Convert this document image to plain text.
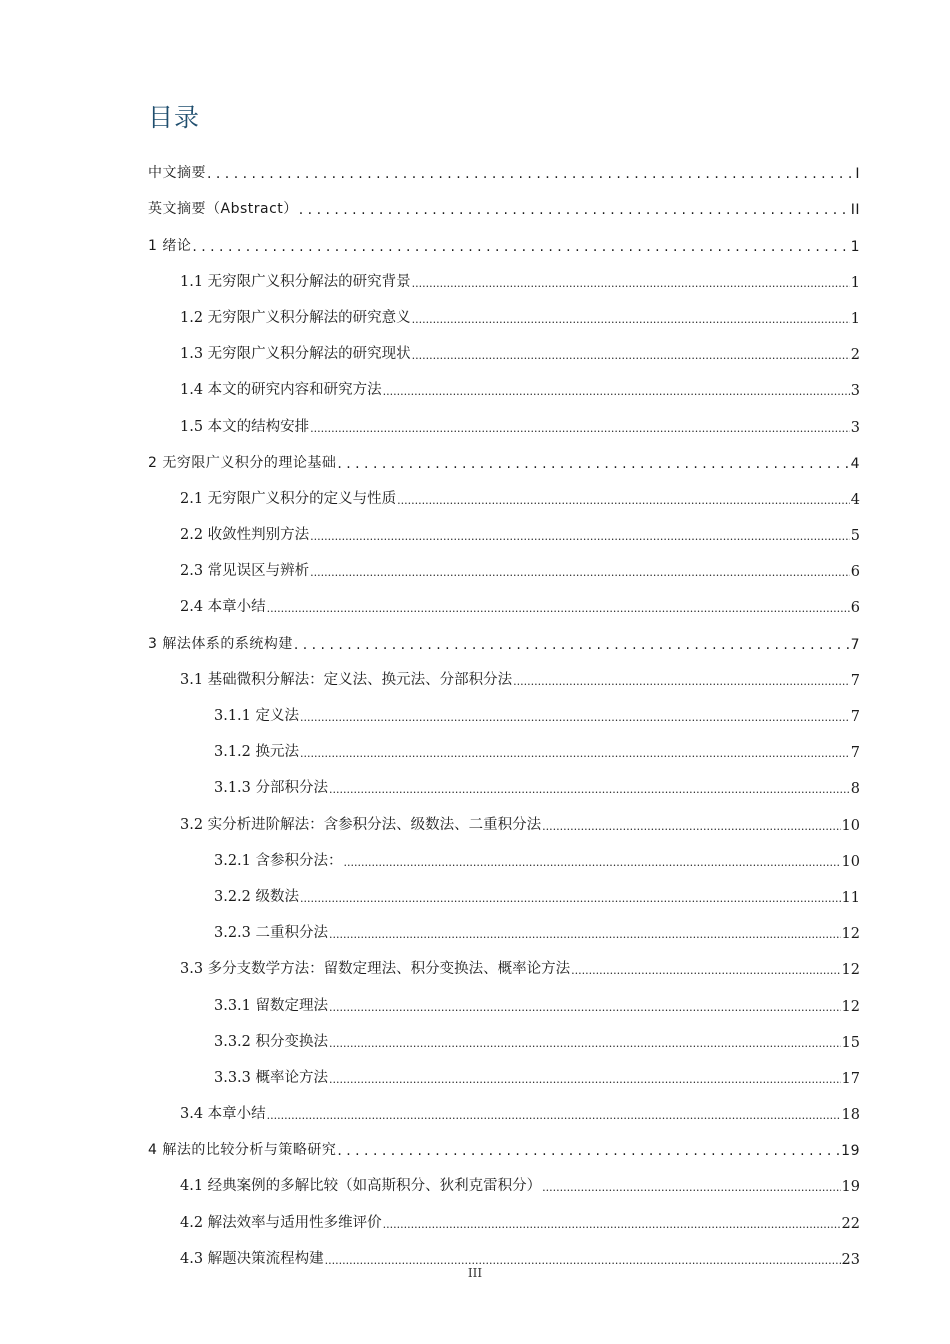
目录
中文摘要 . . .	I
英文摘要（Abstract） . . .	II
1 绪论 . . .	1
1.1 无穷限广义积分解法的研究背景 .....	1
1.2 无穷限广义积分解法的研究意义 .....	1
1.3 无穷限广义积分解法的研究现状 .....	2
1.4 本文的研究内容和研究方法 .....	3
1.5 本文的结构安排 .....	3
2 无穷限广义积分的理论基础 . . .	4
2.1 无穷限广义积分的定义与性质 .....	4
2.2 收敛性判别方法 .....	5
2.3 常见误区与辨析 .....	6
2.4 本章小结 .....	6
3 解法体系的系统构建 . . .	7
3.1 基础微积分解法：定义法、换元法、分部积分法 .....	7
3.1.1 定义法 .....	7
3.1.2 换元法 .....	7
3.1.3 分部积分法 .....	8
3.2 实分析进阶解法：含参积分法、级数法、二重积分法 .....	10
3.2.1 含参积分法： .....	10
3.2.2 级数法 .....	11
3.2.3 二重积分法 .....	12
3.3 多分支数学方法：留数定理法、积分变换法、概率论方法 .....	12
3.3.1 留数定理法 .....	12
3.3.2 积分变换法 .....	15
3.3.3 概率论方法 .....	17
3.4 本章小结 .....	18
4 解法的比较分析与策略研究 . . .	19
4.1 经典案例的多解比较（如高斯积分、狄利克雷积分） .....	19
4.2 解法效率与适用性多维评价 .....	22
4.3 解题决策流程构建 .....	23
III
